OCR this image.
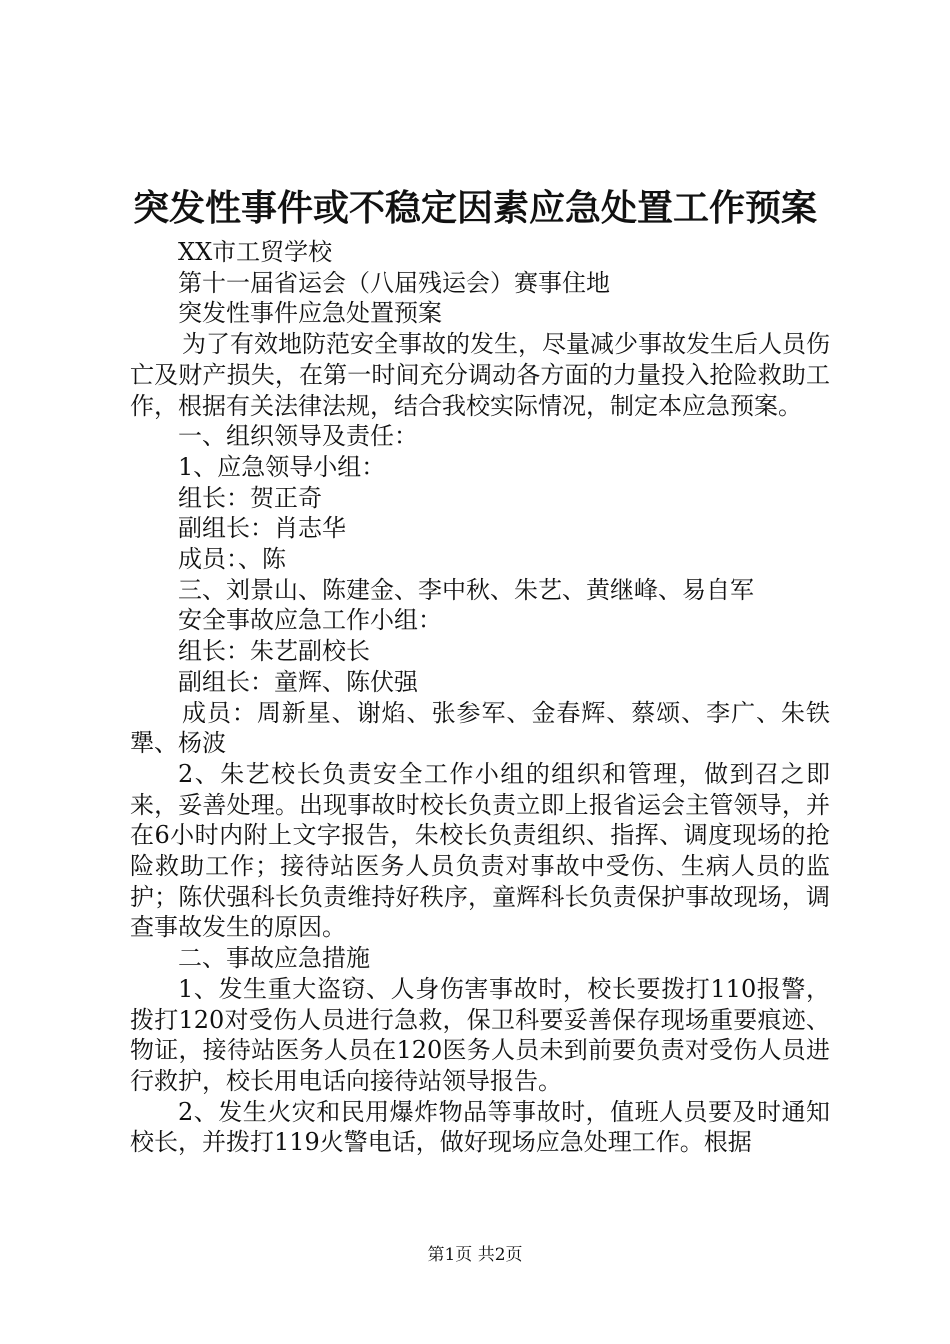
突发性事件或不稳定因素应急处置工作预案

XX市工贸学校

第十一届省运会（八届残运会）赛事住地

突发性事件应急处置预案

为了有效地防范安全事故的发生，尽量减少事故发生后人员伤亡及财产损失，在第一时间充分调动各方面的力量投入抢险救助工作，根据有关法律法规，结合我校实际情况，制定本应急预案。

一、组织领导及责任：

1、应急领导小组：

组长：贺正奇

副组长：肖志华

成员：、陈

三、刘景山、陈建金、李中秋、朱艺、黄继峰、易自军

安全事故应急工作小组：

组长：朱艺副校长

副组长：童辉、陈伏强

成员：周新星、谢焰、张参军、金春辉、蔡颂、李广、朱铁犟、杨波

2、朱艺校长负责安全工作小组的组织和管理，做到召之即来，妥善处理。出现事故时校长负责立即上报省运会主管领导，并在6小时内附上文字报告，朱校长负责组织、指挥、调度现场的抢险救助工作；接待站医务人员负责对事故中受伤、生病人员的监护；陈伏强科长负责维持好秩序，童辉科长负责保护事故现场，调查事故发生的原因。

二、事故应急措施

1、发生重大盗窃、人身伤害事故时，校长要拨打110报警，拨打120对受伤人员进行急救，保卫科要妥善保存现场重要痕迹、物证，接待站医务人员在120医务人员未到前要负责对受伤人员进行救护，校长用电话向接待站领导报告。

2、发生火灾和民用爆炸物品等事故时，值班人员要及时通知校长，并拨打119火警电话，做好现场应急处理工作。根据

第1页 共2页
